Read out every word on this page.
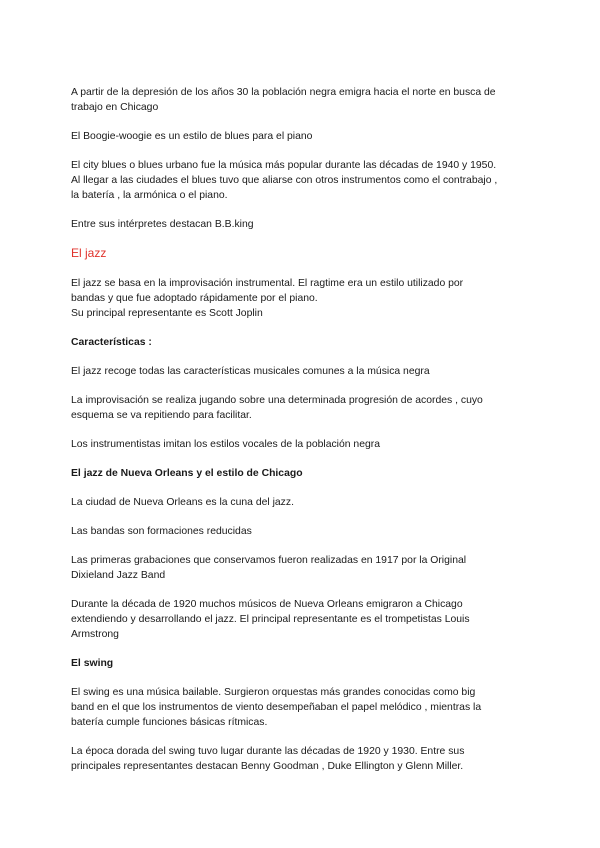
A partir de la depresión de los años 30 la población negra emigra hacia el norte en busca de
trabajo en Chicago

El Boogie-woogie es un estilo de blues para el piano

El city blues o blues urbano fue la música más popular durante las décadas de 1940 y 1950.
Al llegar a las ciudades el blues tuvo que aliarse con otros instrumentos como el contrabajo ,
la batería , la armónica o el piano.

Entre sus intérpretes destacan B.B.king

El jazz

El jazz se basa en la improvisación instrumental. El ragtime era un estilo utilizado por
bandas y que fue adoptado rápidamente por el piano.
Su principal representante es Scott Joplin

Características :

El jazz recoge todas las características musicales comunes a la música negra

La improvisación se realiza jugando sobre una determinada progresión de acordes , cuyo
esquema se va repitiendo para facilitar.

Los instrumentistas imitan los estilos vocales de la población negra

El jazz de Nueva Orleans y el estilo de Chicago

La ciudad de Nueva Orleans es la cuna del jazz.

Las bandas son formaciones reducidas

Las primeras grabaciones que conservamos fueron realizadas en 1917 por la Original
Dixieland Jazz Band

Durante la década de 1920 muchos músicos de Nueva Orleans emigraron a Chicago
extendiendo y desarrollando el jazz. El principal representante es el trompetistas Louis
Armstrong

El swing

El swing es una música bailable. Surgieron orquestas más grandes conocidas como big
band en el que los instrumentos de viento desempeñaban el papel melódico , mientras la
batería cumple funciones básicas rítmicas.

La época dorada del swing tuvo lugar durante las décadas de 1920 y 1930. Entre sus
principales representantes destacan Benny Goodman , Duke Ellington y Glenn Miller.
